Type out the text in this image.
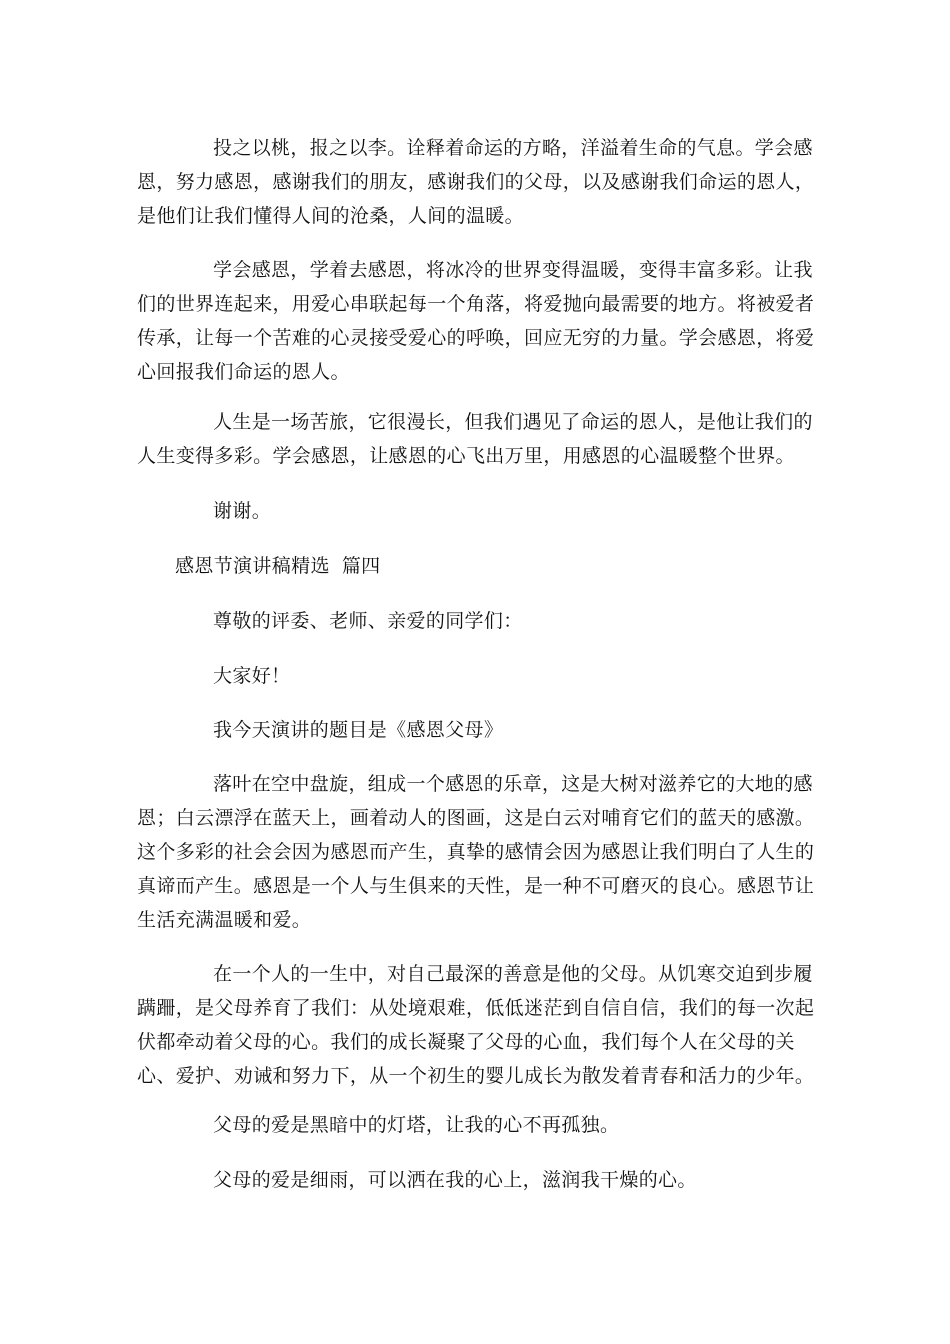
投之以桃，报之以李。诠释着命运的方略，洋溢着生命的气息。学会感恩，努力感恩，感谢我们的朋友，感谢我们的父母，以及感谢我们命运的恩人，是他们让我们懂得人间的沧桑，人间的温暖。

学会感恩，学着去感恩，将冰冷的世界变得温暖，变得丰富多彩。让我们的世界连起来，用爱心串联起每一个角落，将爱抛向最需要的地方。将被爱者传承，让每一个苦难的心灵接受爱心的呼唤，回应无穷的力量。学会感恩，将爱心回报我们命运的恩人。

人生是一场苦旅，它很漫长，但我们遇见了命运的恩人，是他让我们的人生变得多彩。学会感恩，让感恩的心飞出万里，用感恩的心温暖整个世界。

谢谢。

感恩节演讲稿精选 篇四

尊敬的评委、老师、亲爱的同学们：

大家好！

我今天演讲的题目是《感恩父母》

落叶在空中盘旋，组成一个感恩的乐章，这是大树对滋养它的大地的感恩；白云漂浮在蓝天上，画着动人的图画，这是白云对哺育它们的蓝天的感激。这个多彩的社会会因为感恩而产生，真挚的感情会因为感恩让我们明白了人生的真谛而产生。感恩是一个人与生俱来的天性，是一种不可磨灭的良心。感恩节让生活充满温暖和爱。

在一个人的一生中，对自己最深的善意是他的父母。从饥寒交迫到步履蹒跚，是父母养育了我们：从处境艰难，低低迷茫到自信自信，我们的每一次起伏都牵动着父母的心。我们的成长凝聚了父母的心血，我们每个人在父母的关心、爱护、劝诫和努力下，从一个初生的婴儿成长为散发着青春和活力的少年。

父母的爱是黑暗中的灯塔，让我的心不再孤独。

父母的爱是细雨，可以洒在我的心上，滋润我干燥的心。
